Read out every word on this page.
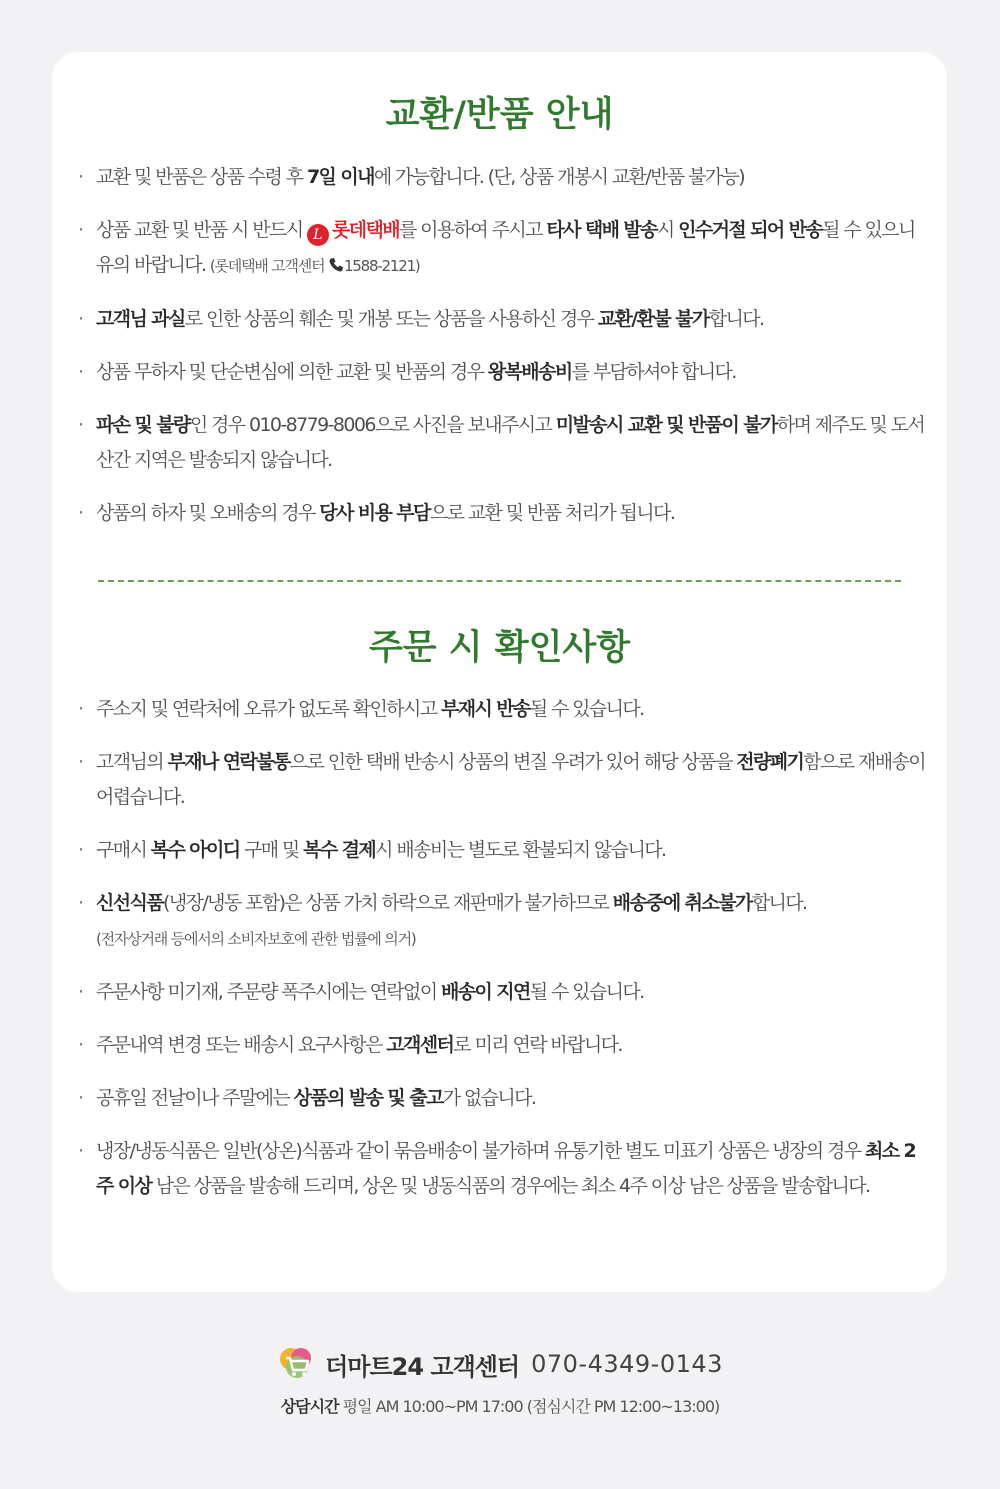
교환/반품 안내
· 교환 및 반품은 상품 수령 후 7일 이내에 가능합니다. (단, 상품 개봉시 교환/반품 불가능)
· 상품 교환 및 반품 시 반드시 L 롯데택배를 이용하여 주시고 타사 택배 발송시 인수거절 되어 반송될 수 있으니 유의 바랍니다. (롯데택배 고객센터 1588-2121)
· 고객님 과실로 인한 상품의 훼손 및 개봉 또는 상품을 사용하신 경우 교환/환불 불가합니다.
· 상품 무하자 및 단순변심에 의한 교환 및 반품의 경우 왕복배송비를 부담하셔야 합니다.
· 파손 및 불량인 경우 010-8779-8006으로 사진을 보내주시고 미발송시 교환 및 반품이 불가하며 제주도 및 도서산간 지역은 발송되지 않습니다.
· 상품의 하자 및 오배송의 경우 당사 비용 부담으로 교환 및 반품 처리가 됩니다.
주문 시 확인사항
· 주소지 및 연락처에 오류가 없도록 확인하시고 부재시 반송될 수 있습니다.
· 고객님의 부재나 연락불통으로 인한 택배 반송시 상품의 변질 우려가 있어 해당 상품을 전량폐기함으로 재배송이 어렵습니다.
· 구매시 복수 아이디 구매 및 복수 결제시 배송비는 별도로 환불되지 않습니다.
· 신선식품(냉장/냉동 포함)은 상품 가치 하락으로 재판매가 불가하므로 배송중에 취소불가합니다.
(전자상거래 등에서의 소비자보호에 관한 법률에 의거)
· 주문사항 미기재, 주문량 폭주시에는 연락없이 배송이 지연될 수 있습니다.
· 주문내역 변경 또는 배송시 요구사항은 고객센터로 미리 연락 바랍니다.
· 공휴일 전날이나 주말에는 상품의 발송 및 출고가 없습니다.
· 냉장/냉동식품은 일반(상온)식품과 같이 묶음배송이 불가하며 유통기한 별도 미표기 상품은 냉장의 경우 최소 2주 이상 남은 상품을 발송해 드리며, 상온 및 냉동식품의 경우에는 최소 4주 이상 남은 상품을 발송합니다.
더마트24 고객센터 070-4349-0143
상담시간 평일 AM 10:00~PM 17:00 (점심시간 PM 12:00~13:00)
